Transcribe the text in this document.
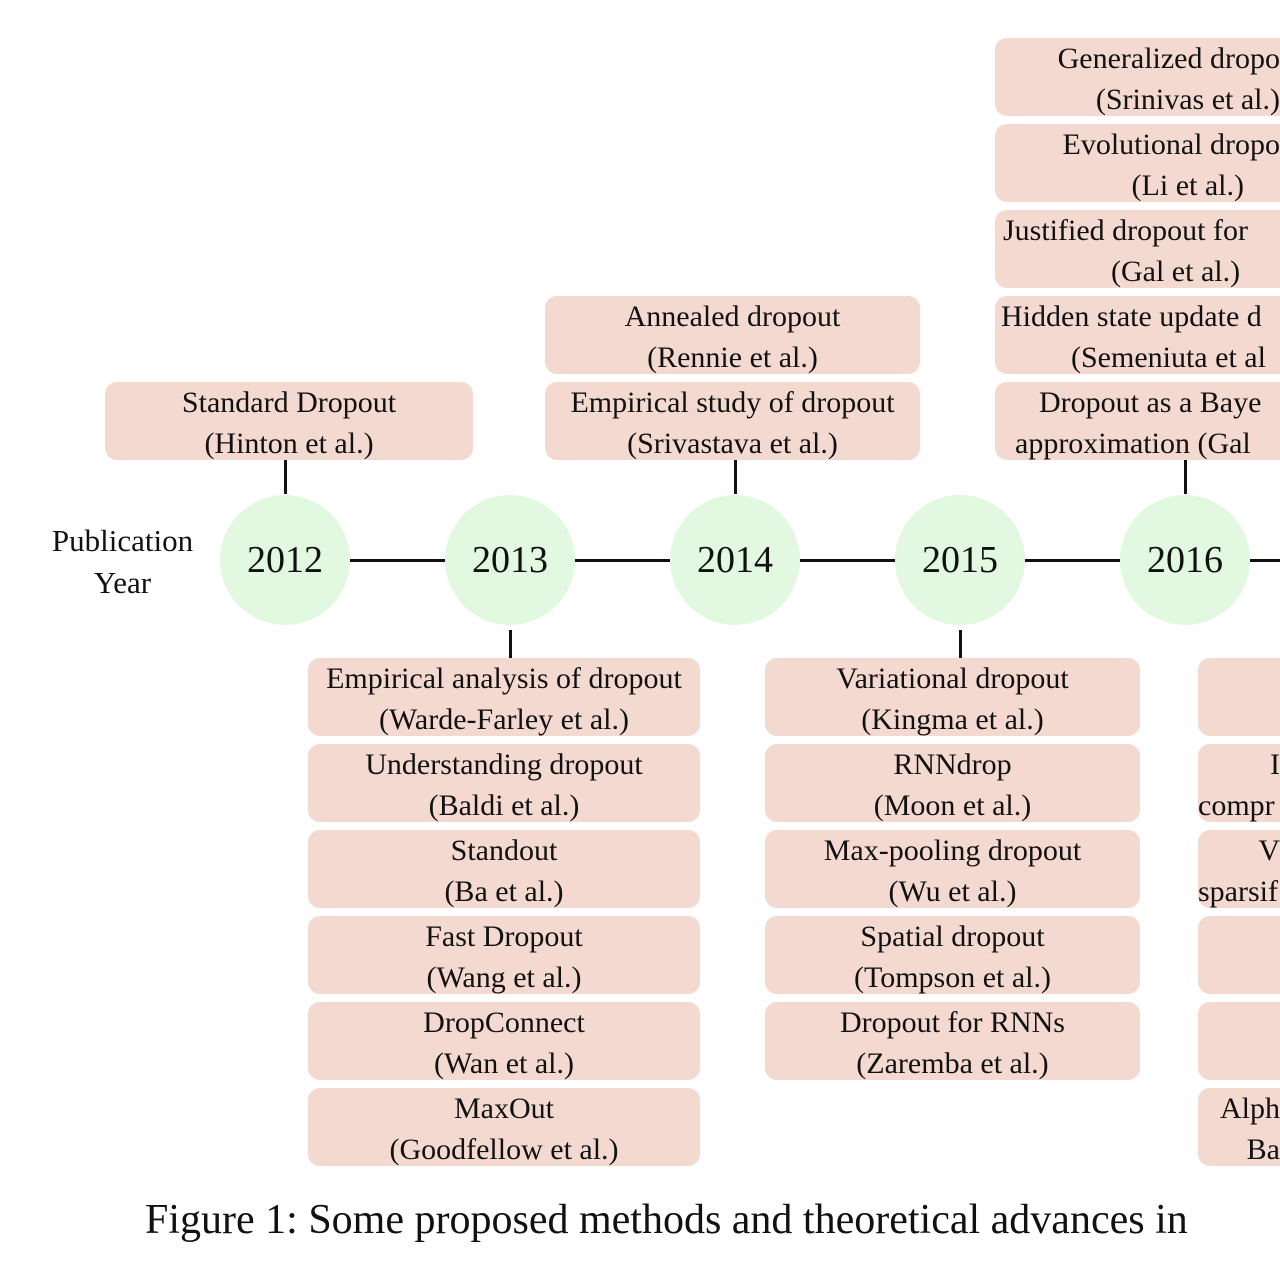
Publication
Year
2012	2013	2014	2015	2016
Standard Dropout
(Hinton et al.)
Annealed dropout
(Rennie et al.)
Empirical study of dropout
(Srivastava et al.)
Generalized dropo
(Srinivas et al.)
Evolutional dropo
(Li et al.)
Justified dropout for
(Gal et al.)
Hidden state update d
(Semeniuta et al
Dropout as a Baye
approximation (Gal
Empirical analysis of dropout
(Warde-Farley et al.)
Understanding dropout
(Baldi et al.)
Standout
(Ba et al.)
Fast Dropout
(Wang et al.)
DropConnect
(Wan et al.)
MaxOut
(Goodfellow et al.)
Variational dropout
(Kingma et al.)
RNNdrop
(Moon et al.)
Max-pooling dropout
(Wu et al.)
Spatial dropout
(Tompson et al.)
Dropout for RNNs
(Zaremba et al.)
I
compr
V
sparsif
Alph
Ba
Figure 1: Some proposed methods and theoretical advances in
